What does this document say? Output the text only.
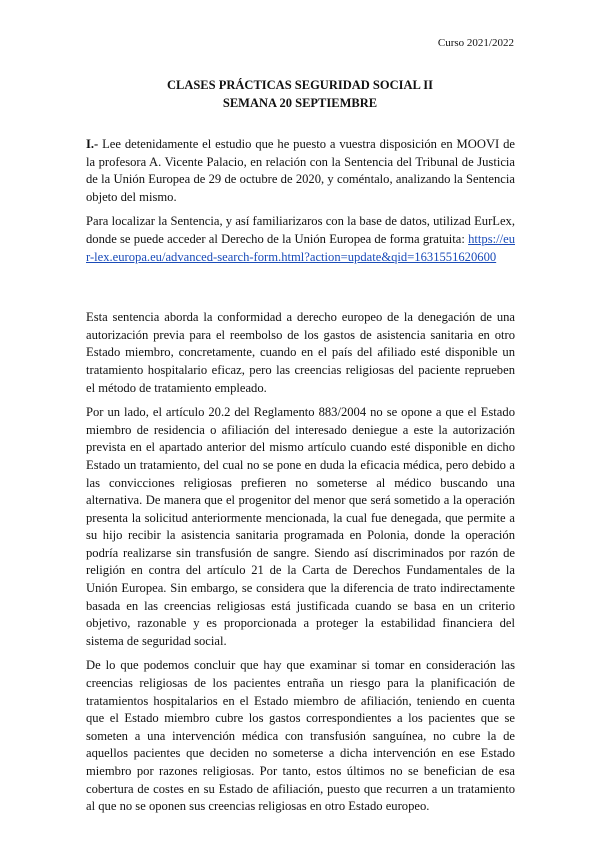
Curso 2021/2022
CLASES PRÁCTICAS SEGURIDAD SOCIAL II
SEMANA 20 SEPTIEMBRE

I.- Lee detenidamente el estudio que he puesto a vuestra disposición en MOOVI de la profesora A. Vicente Palacio, en relación con la Sentencia del Tribunal de Justicia de la Unión Europea de 29 de octubre de 2020, y coméntalo, analizando la Sentencia objeto del mismo.

Para localizar la Sentencia, y así familiarizaros con la base de datos, utilizad EurLex, donde se puede acceder al Derecho de la Unión Europea de forma gratuita: https://eur-lex.europa.eu/advanced-search-form.html?action=update&qid=1631551620600

Esta sentencia aborda la conformidad a derecho europeo de la denegación de una autorización previa para el reembolso de los gastos de asistencia sanitaria en otro Estado miembro, concretamente, cuando en el país del afiliado esté disponible un tratamiento hospitalario eficaz, pero las creencias religiosas del paciente reprueben el método de tratamiento empleado.

Por un lado, el artículo 20.2 del Reglamento 883/2004 no se opone a que el Estado miembro de residencia o afiliación del interesado deniegue a este la autorización prevista en el apartado anterior del mismo artículo cuando esté disponible en dicho Estado un tratamiento, del cual no se pone en duda la eficacia médica, pero debido a las convicciones religiosas prefieren no someterse al médico buscando una alternativa. De manera que el progenitor del menor que será sometido a la operación presenta la solicitud anteriormente mencionada, la cual fue denegada, que permite a su hijo recibir la asistencia sanitaria programada en Polonia, donde la operación podría realizarse sin transfusión de sangre. Siendo así discriminados por razón de religión en contra del artículo 21 de la Carta de Derechos Fundamentales de la Unión Europea. Sin embargo, se considera que la diferencia de trato indirectamente basada en las creencias religiosas está justificada cuando se basa en un criterio objetivo, razonable y es proporcionada a proteger la estabilidad financiera del sistema de seguridad social.

De lo que podemos concluir que hay que examinar si tomar en consideración las creencias religiosas de los pacientes entraña un riesgo para la planificación de tratamientos hospitalarios en el Estado miembro de afiliación, teniendo en cuenta que el Estado miembro cubre los gastos correspondientes a los pacientes que se someten a una intervención médica con transfusión sanguínea, no cubre la de aquellos pacientes que deciden no someterse a dicha intervención en ese Estado miembro por razones religiosas. Por tanto, estos últimos no se benefician de esa cobertura de costes en su Estado de afiliación, puesto que recurren a un tratamiento al que no se oponen sus creencias religiosas en otro Estado europeo.
